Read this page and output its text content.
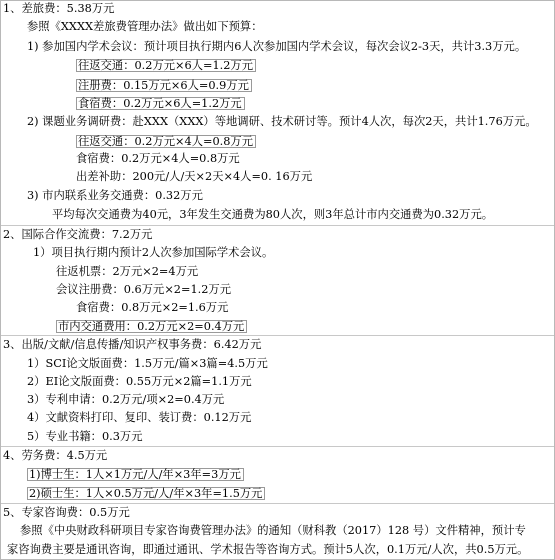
1、差旅费：5.38万元
参照《XXXX差旅费管理办法》做出如下预算：
1) 参加国内学术会议：预计项目执行期内6人次参加国内学术会议，每次会议2-3天，共计3.3万元。
往返交通：0.2万元×6人=1.2万元
注册费：0.15万元×6人=0.9万元
食宿费：0.2万元×6人=1.2万元
2) 课题业务调研费：赴XXX（XXX）等地调研、技术研讨等。预计4人次，每次2天，共计1.76万元。
往返交通：0.2万元×4人=0.8万元
食宿费：0.2万元×4人=0.8万元
出差补助：200元/人/天×2天×4人=0. 16万元
3) 市内联系业务交通费：0.32万元
平均每次交通费为40元，3年发生交通费为80人次，则3年总计市内交通费为0.32万元。
2、国际合作交流费：7.2万元
1）项目执行期内预计2人次参加国际学术会议。
往返机票：2万元×2=4万元
会议注册费：0.6万元×2=1.2万元
食宿费：0.8万元×2=1.6万元
市内交通费用：0.2万元×2=0.4万元
3、出版/文献/信息传播/知识产权事务费：6.42万元
1）SCI论文版面费：1.5万元/篇×3篇=4.5万元
2）EI论文版面费：0.55万元×2篇=1.1万元
3）专利申请：0.2万元/项×2=0.4万元
4）文献资料打印、复印、装订费：0.12万元
5）专业书籍：0.3万元
4、劳务费：4.5万元
1)博士生：1人×1万元/人/年×3年=3万元
2)硕士生：1人×0.5万元/人/年×3年=1.5万元
5、专家咨询费：0.5万元
参照《中央财政科研项目专家咨询费管理办法》的通知（财科教（2017）128 号）文件精神，预计专
家咨询费主要是通讯咨询，即通过通讯、学术报告等咨询方式。预计5人次，0.1万元/人次，共0.5万元。
